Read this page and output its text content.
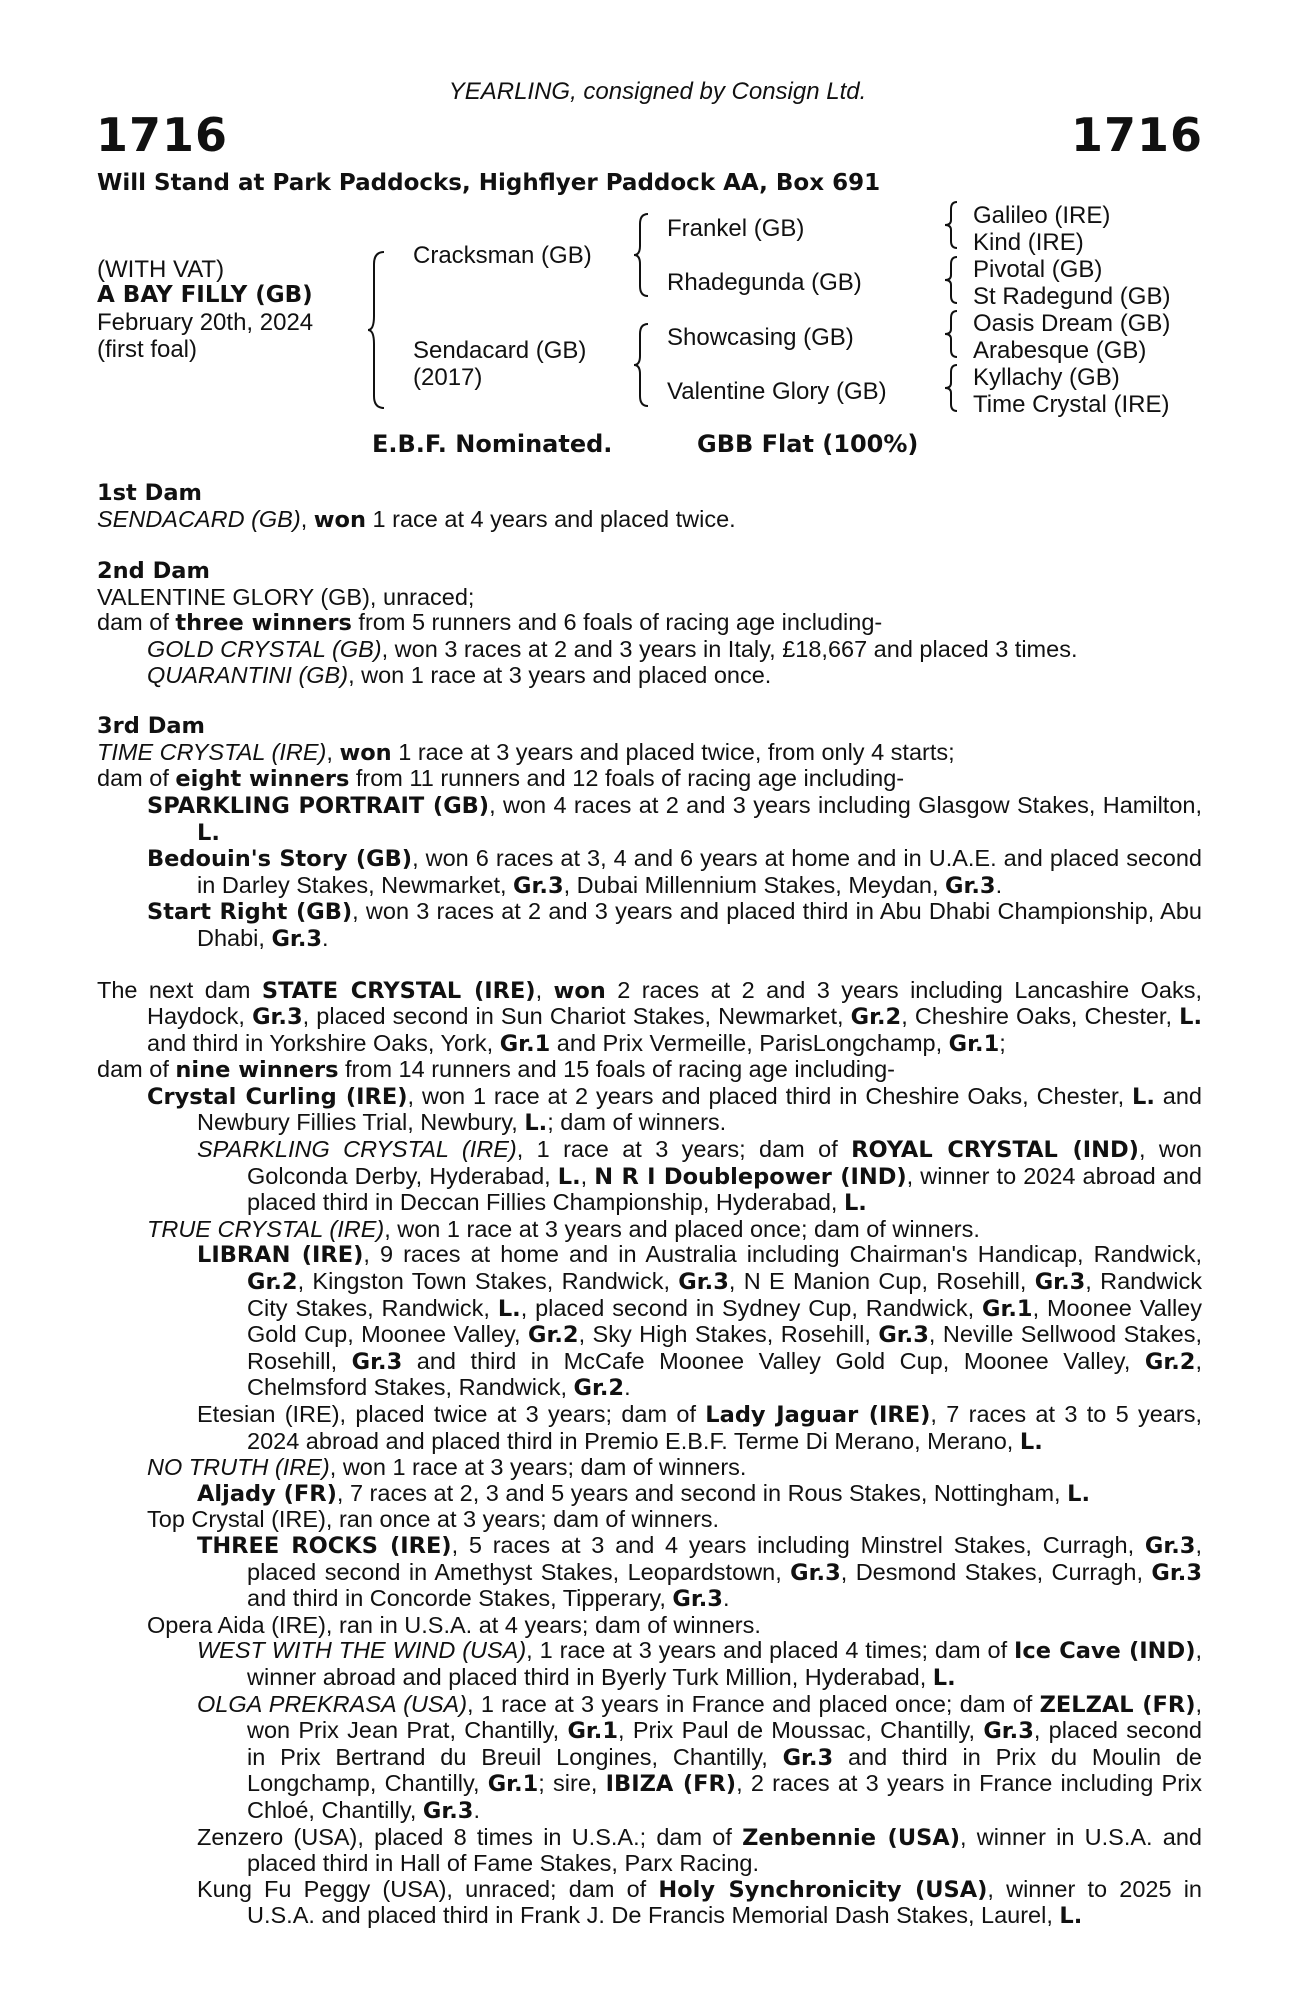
YEARLING, consigned by Consign Ltd.
1716	1716
Will Stand at Park Paddocks, Highflyer Paddock AA, Box 691
(WITH VAT)
A BAY FILLY (GB)
February 20th, 2024
(first foal)
Cracksman (GB)
Sendacard (GB)
(2017)
Frankel (GB)
Rhadegunda (GB)
Showcasing (GB)
Valentine Glory (GB)
Galileo (IRE)
Kind (IRE)
Pivotal (GB)
St Radegund (GB)
Oasis Dream (GB)
Arabesque (GB)
Kyllachy (GB)
Time Crystal (IRE)
E.B.F. Nominated.	GBB Flat (100%)

1st Dam

SENDACARD (GB), won 1 race at 4 years and placed twice.

2nd Dam

VALENTINE GLORY (GB), unraced;

dam of three winners from 5 runners and 6 foals of racing age including-

GOLD CRYSTAL (GB), won 3 races at 2 and 3 years in Italy, £18,667 and placed 3 times.

QUARANTINI (GB), won 1 race at 3 years and placed once.

3rd Dam

TIME CRYSTAL (IRE), won 1 race at 3 years and placed twice, from only 4 starts;

dam of eight winners from 11 runners and 12 foals of racing age including-

SPARKLING PORTRAIT (GB), won 4 races at 2 and 3 years including Glasgow Stakes, Hamilton, L.

Bedouin's Story (GB), won 6 races at 3, 4 and 6 years at home and in U.A.E. and placed second in Darley Stakes, Newmarket, Gr.3, Dubai Millennium Stakes, Meydan, Gr.3.

Start Right (GB), won 3 races at 2 and 3 years and placed third in Abu Dhabi Championship, Abu Dhabi, Gr.3.

The next dam STATE CRYSTAL (IRE), won 2 races at 2 and 3 years including Lancashire Oaks, Haydock, Gr.3, placed second in Sun Chariot Stakes, Newmarket, Gr.2, Cheshire Oaks, Chester, L. and third in Yorkshire Oaks, York, Gr.1 and Prix Vermeille, ParisLongchamp, Gr.1;

dam of nine winners from 14 runners and 15 foals of racing age including-

Crystal Curling (IRE), won 1 race at 2 years and placed third in Cheshire Oaks, Chester, L. and Newbury Fillies Trial, Newbury, L.; dam of winners.

SPARKLING CRYSTAL (IRE), 1 race at 3 years; dam of ROYAL CRYSTAL (IND), won Golconda Derby, Hyderabad, L., N R I Doublepower (IND), winner to 2024 abroad and placed third in Deccan Fillies Championship, Hyderabad, L.

TRUE CRYSTAL (IRE), won 1 race at 3 years and placed once; dam of winners.

LIBRAN (IRE), 9 races at home and in Australia including Chairman's Handicap, Randwick, Gr.2, Kingston Town Stakes, Randwick, Gr.3, N E Manion Cup, Rosehill, Gr.3, Randwick City Stakes, Randwick, L., placed second in Sydney Cup, Randwick, Gr.1, Moonee Valley Gold Cup, Moonee Valley, Gr.2, Sky High Stakes, Rosehill, Gr.3, Neville Sellwood Stakes, Rosehill, Gr.3 and third in McCafe Moonee Valley Gold Cup, Moonee Valley, Gr.2, Chelmsford Stakes, Randwick, Gr.2.

Etesian (IRE), placed twice at 3 years; dam of Lady Jaguar (IRE), 7 races at 3 to 5 years, 2024 abroad and placed third in Premio E.B.F. Terme Di Merano, Merano, L.

NO TRUTH (IRE), won 1 race at 3 years; dam of winners.

Aljady (FR), 7 races at 2, 3 and 5 years and second in Rous Stakes, Nottingham, L.

Top Crystal (IRE), ran once at 3 years; dam of winners.

THREE ROCKS (IRE), 5 races at 3 and 4 years including Minstrel Stakes, Curragh, Gr.3, placed second in Amethyst Stakes, Leopardstown, Gr.3, Desmond Stakes, Curragh, Gr.3 and third in Concorde Stakes, Tipperary, Gr.3.

Opera Aida (IRE), ran in U.S.A. at 4 years; dam of winners.

WEST WITH THE WIND (USA), 1 race at 3 years and placed 4 times; dam of Ice Cave (IND), winner abroad and placed third in Byerly Turk Million, Hyderabad, L.

OLGA PREKRASA (USA), 1 race at 3 years in France and placed once; dam of ZELZAL (FR), won Prix Jean Prat, Chantilly, Gr.1, Prix Paul de Moussac, Chantilly, Gr.3, placed second in Prix Bertrand du Breuil Longines, Chantilly, Gr.3 and third in Prix du Moulin de Longchamp, Chantilly, Gr.1; sire, IBIZA (FR), 2 races at 3 years in France including Prix Chloé, Chantilly, Gr.3.

Zenzero (USA), placed 8 times in U.S.A.; dam of Zenbennie (USA), winner in U.S.A. and placed third in Hall of Fame Stakes, Parx Racing.

Kung Fu Peggy (USA), unraced; dam of Holy Synchronicity (USA), winner to 2025 in U.S.A. and placed third in Frank J. De Francis Memorial Dash Stakes, Laurel, L.
